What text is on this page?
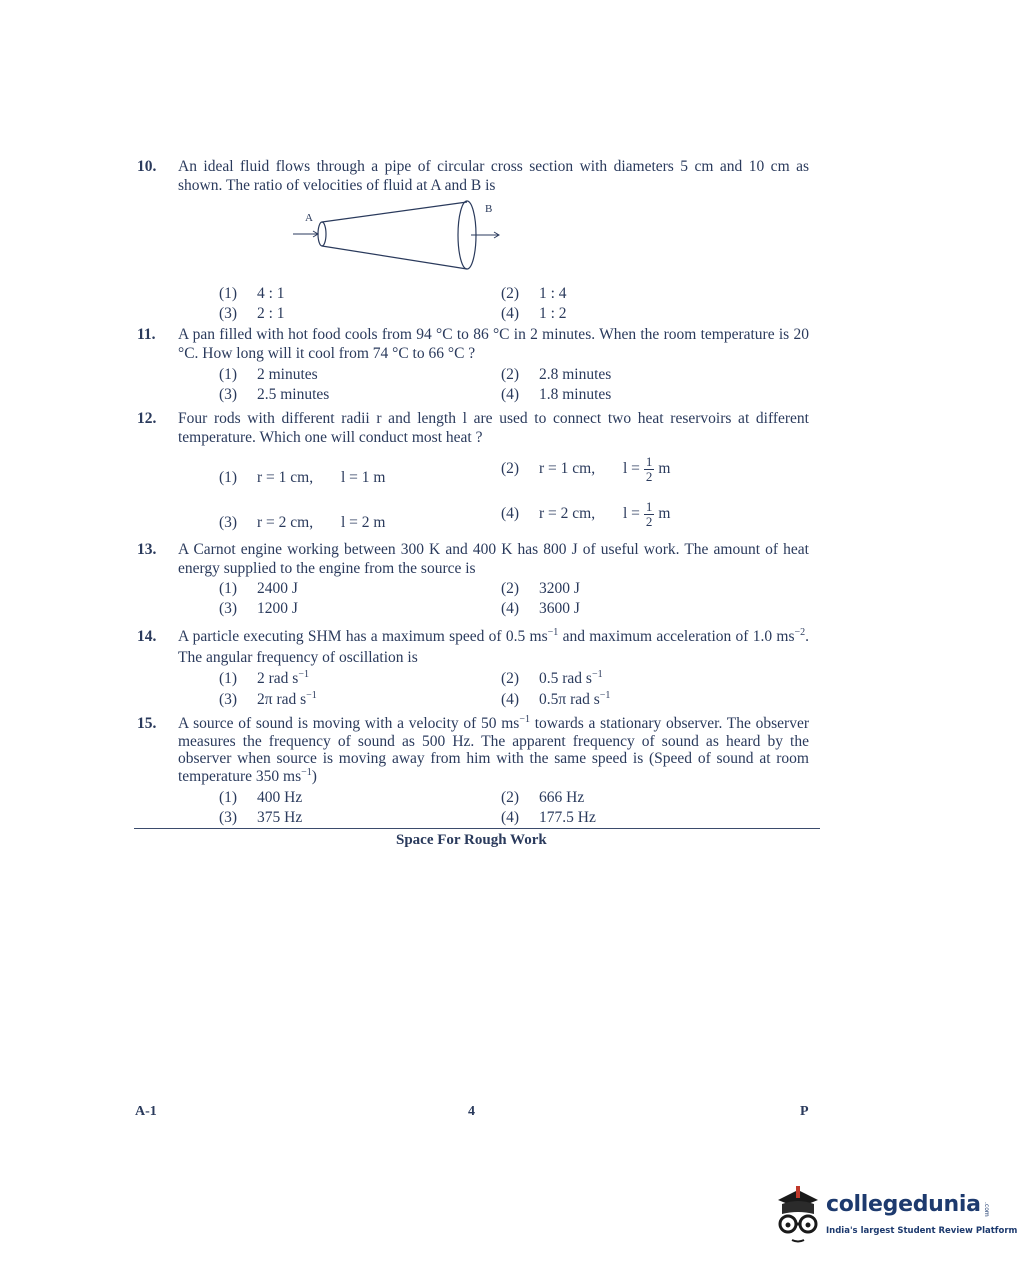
10. An ideal fluid flows through a pipe of circular cross section with diameters 5 cm and 10 cm as shown. The ratio of velocities of fluid at A and B is
A
B
(1) 4 : 1	(2) 1 : 4
(3) 2 : 1	(4) 1 : 2
11. A pan filled with hot food cools from 94 °C to 86 °C in 2 minutes. When the room temperature is 20 °C. How long will it cool from 74 °C to 66 °C ?
(1) 2 minutes	(2) 2.8 minutes
(3) 2.5 minutes	(4) 1.8 minutes
12. Four rods with different radii r and length l are used to connect two heat reservoirs at different temperature. Which one will conduct most heat ?
(1) r = 1 cm, l = 1 m
(2) r = 1 cm, $l = \frac{1}{2}$ m
(3) r = 2 cm, l = 2 m
(4) r = 2 cm, $l = \frac{1}{2}$ m
13. A Carnot engine working between 300 K and 400 K has 800 J of useful work. The amount of heat energy supplied to the engine from the source is
(1) 2400 J	(2) 3200 J
(3) 1200 J	(4) 3600 J
14. A particle executing SHM has a maximum speed of 0.5 $ms^{-1}$ and maximum acceleration of 1.0 $ms^{-2}$. The angular frequency of oscillation is
(1) 2 rad $s^{-1}$	(2) 0.5 rad $s^{-1}$
(3) 2π rad $s^{-1}$	(4) 0.5π rad $s^{-1}$
15. A source of sound is moving with a velocity of 50 $ms^{-1}$ towards a stationary observer. The observer measures the frequency of sound as 500 Hz. The apparent frequency of sound as heard by the observer when source is moving away from him with the same speed is (Speed of sound at room temperature 350 $ms^{-1}$)
(1) 400 Hz	(2) 666 Hz
(3) 375 Hz	(4) 177.5 Hz
Space For Rough Work
A-1	4	P
collegedunia .com
India's largest Student Review Platform
